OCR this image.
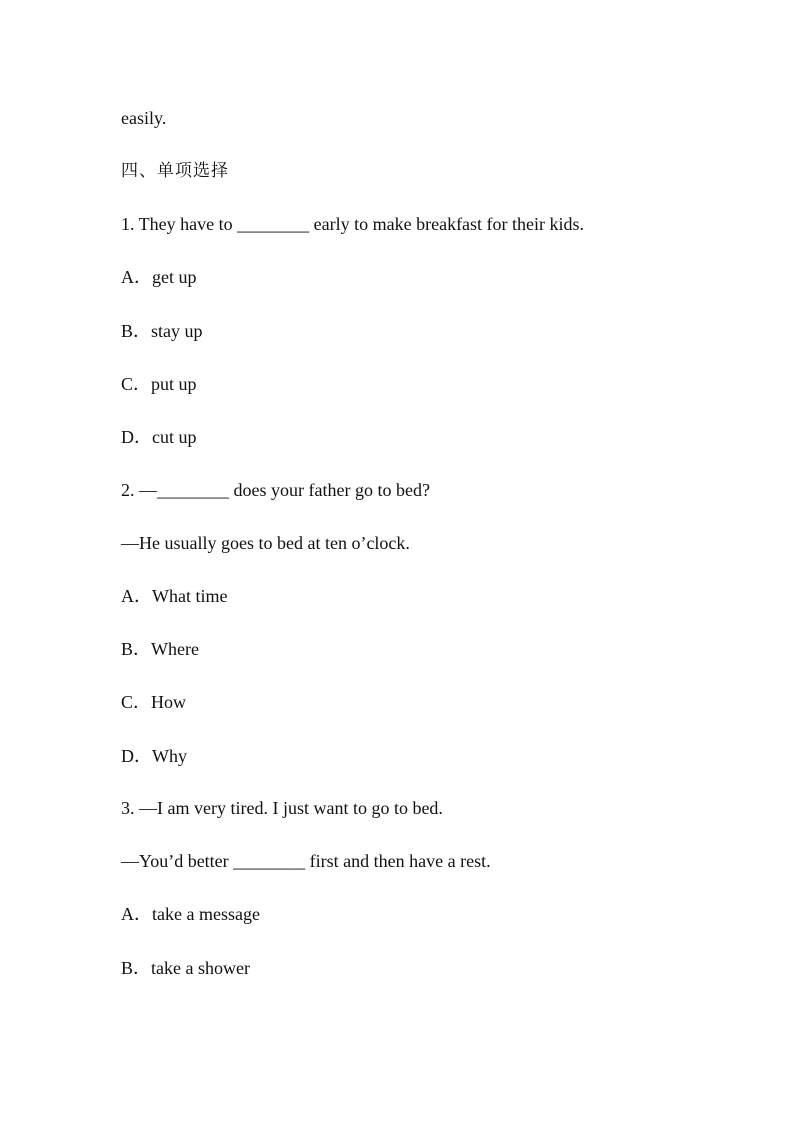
easily.
四、单项选择
1. They have to ________ early to make breakfast for their kids.
A．get up
B．stay up
C．put up
D．cut up
2. —________ does your father go to bed?
—He usually goes to bed at ten o’clock.
A．What time
B．Where
C．How
D．Why
3. —I am very tired. I just want to go to bed.
—You’d better ________ first and then have a rest.
A．take a message
B．take a shower
